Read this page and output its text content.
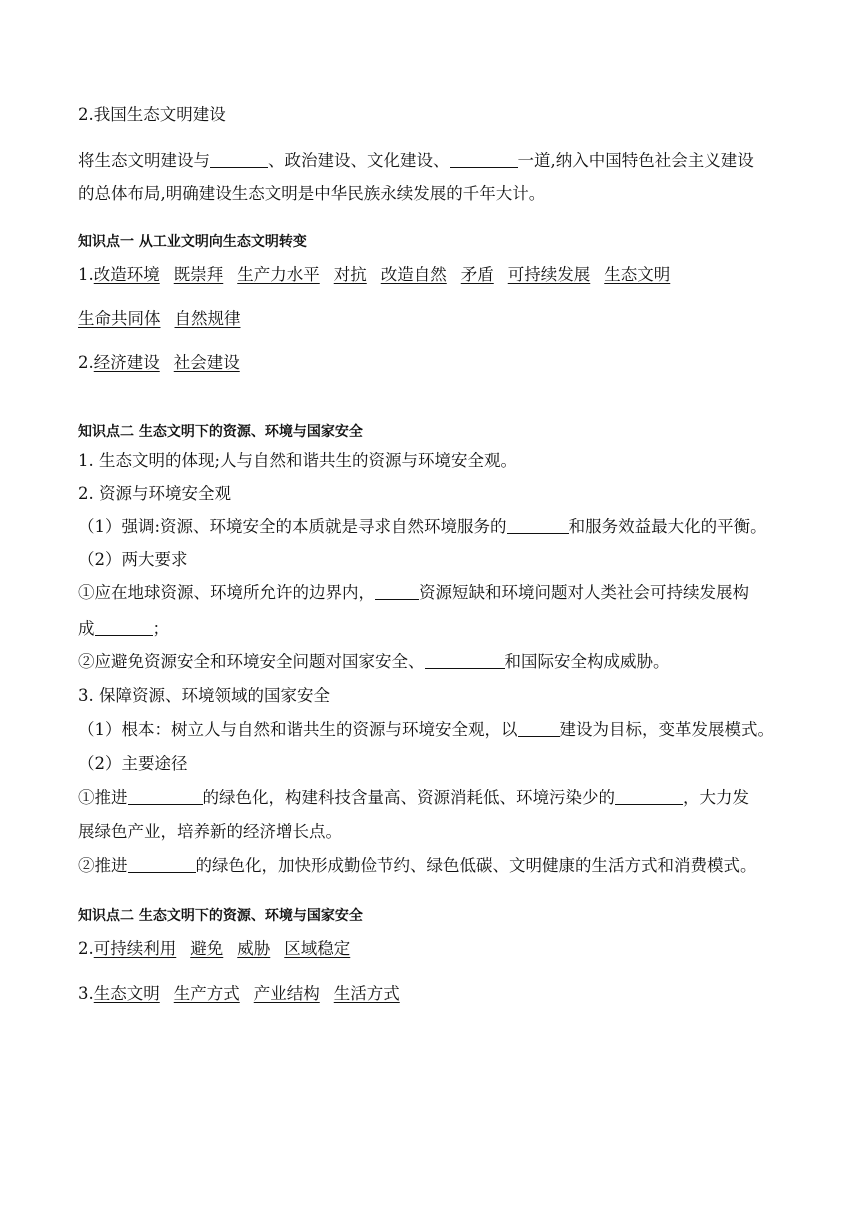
2.我国生态文明建设
将生态文明建设与	、政治建设、文化建设、	一道,纳入中国特色社会主义建设
的总体布局,明确建设生态文明是中华民族永续发展的千年大计。
知识点一 从工业文明向生态文明转变
1.改造环境 既崇拜 生产力水平 对抗 改造自然 矛盾 可持续发展 生态文明
生命共同体 自然规律
2.经济建设 社会建设
知识点二 生态文明下的资源、环境与国家安全
1. 生态文明的体现;人与自然和谐共生的资源与环境安全观。
2. 资源与环境安全观
（1）强调:资源、环境安全的本质就是寻求自然环境服务的	和服务效益最大化的平衡。
（2）两大要求
①应在地球资源、环境所允许的边界内，	资源短缺和环境问题对人类社会可持续发展构
成	；
②应避免资源安全和环境安全问题对国家安全、	和国际安全构成威胁。
3. 保障资源、环境领域的国家安全
（1）根本：树立人与自然和谐共生的资源与环境安全观，以	建设为目标，变革发展模式。
（2）主要途径
①推进	的绿色化，构建科技含量高、资源消耗低、环境污染少的	，大力发
展绿色产业，培养新的经济增长点。
②推进	的绿色化，加快形成勤俭节约、绿色低碳、文明健康的生活方式和消费模式。
知识点二 生态文明下的资源、环境与国家安全
2.可持续利用 避免 威胁 区域稳定
3.生态文明 生产方式 产业结构 生活方式
